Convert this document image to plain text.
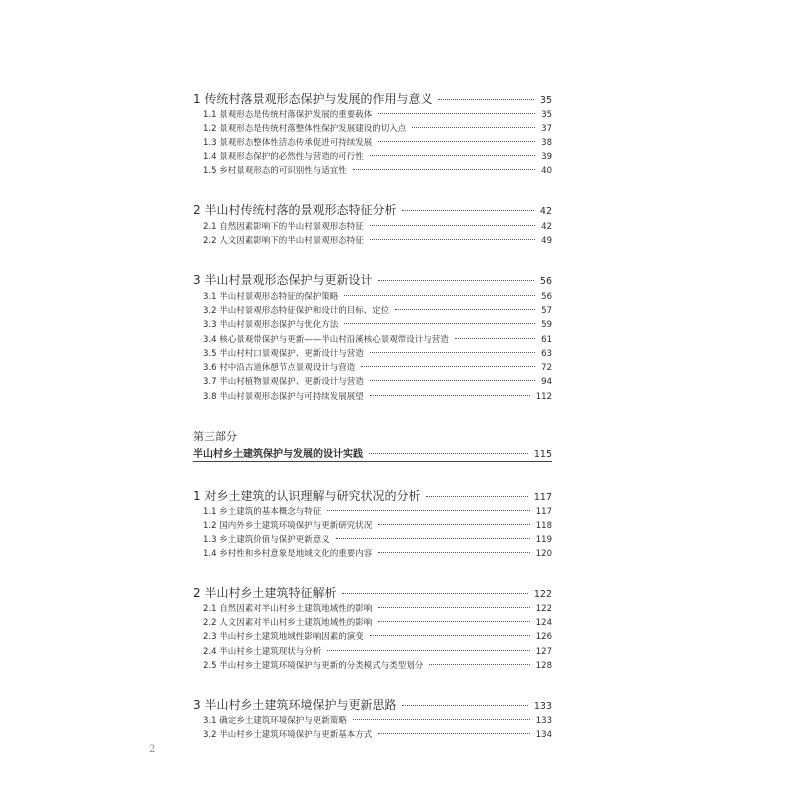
1 传统村落景观形态保护与发展的作用与意义	35
1.1 景观形态是传统村落保护发展的重要载体	35
1.2 景观形态是传统村落整体性保护发展建设的切入点	37
1.3 景观形态整体性活态传承促进可持续发展	38
1.4 景观形态保护的必然性与营造的可行性	39
1.5 乡村景观形态的可识别性与适宜性	40
2 半山村传统村落的景观形态特征分析	42
2.1 自然因素影响下的半山村景观形态特征	42
2.2 人文因素影响下的半山村景观形态特征	49
3 半山村景观形态保护与更新设计	56
3.1 半山村景观形态特征的保护策略	56
3.2 半山村景观形态特征保护和设计的目标、定位	57
3.3 半山村景观形态保护与优化方法	59
3.4 核心景观带保护与更新——半山村沿溪核心景观带设计与营造	61
3.5 半山村村口景观保护、更新设计与营造	63
3.6 村中沿古道休憩节点景观设计与营造	72
3.7 半山村植物景观保护、更新设计与营造	94
3.8 半山村景观形态保护与可持续发展展望	112
第三部分
半山村乡土建筑保护与发展的设计实践	115
1 对乡土建筑的认识理解与研究状况的分析	117
1.1 乡土建筑的基本概念与特征	117
1.2 国内外乡土建筑环境保护与更新研究状况	118
1.3 乡土建筑价值与保护更新意义	119
1.4 乡村性和乡村意象是地域文化的重要内容	120
2 半山村乡土建筑特征解析	122
2.1 自然因素对半山村乡土建筑地域性的影响	122
2.2 人文因素对半山村乡土建筑地域性的影响	124
2.3 半山村乡土建筑地域性影响因素的演变	126
2.4 半山村乡土建筑现状与分析	127
2.5 半山村乡土建筑环境保护与更新的分类模式与类型划分	128
3 半山村乡土建筑环境保护与更新思路	133
3.1 确定乡土建筑环境保护与更新策略	133
3.2 半山村乡土建筑环境保护与更新基本方式	134
2
